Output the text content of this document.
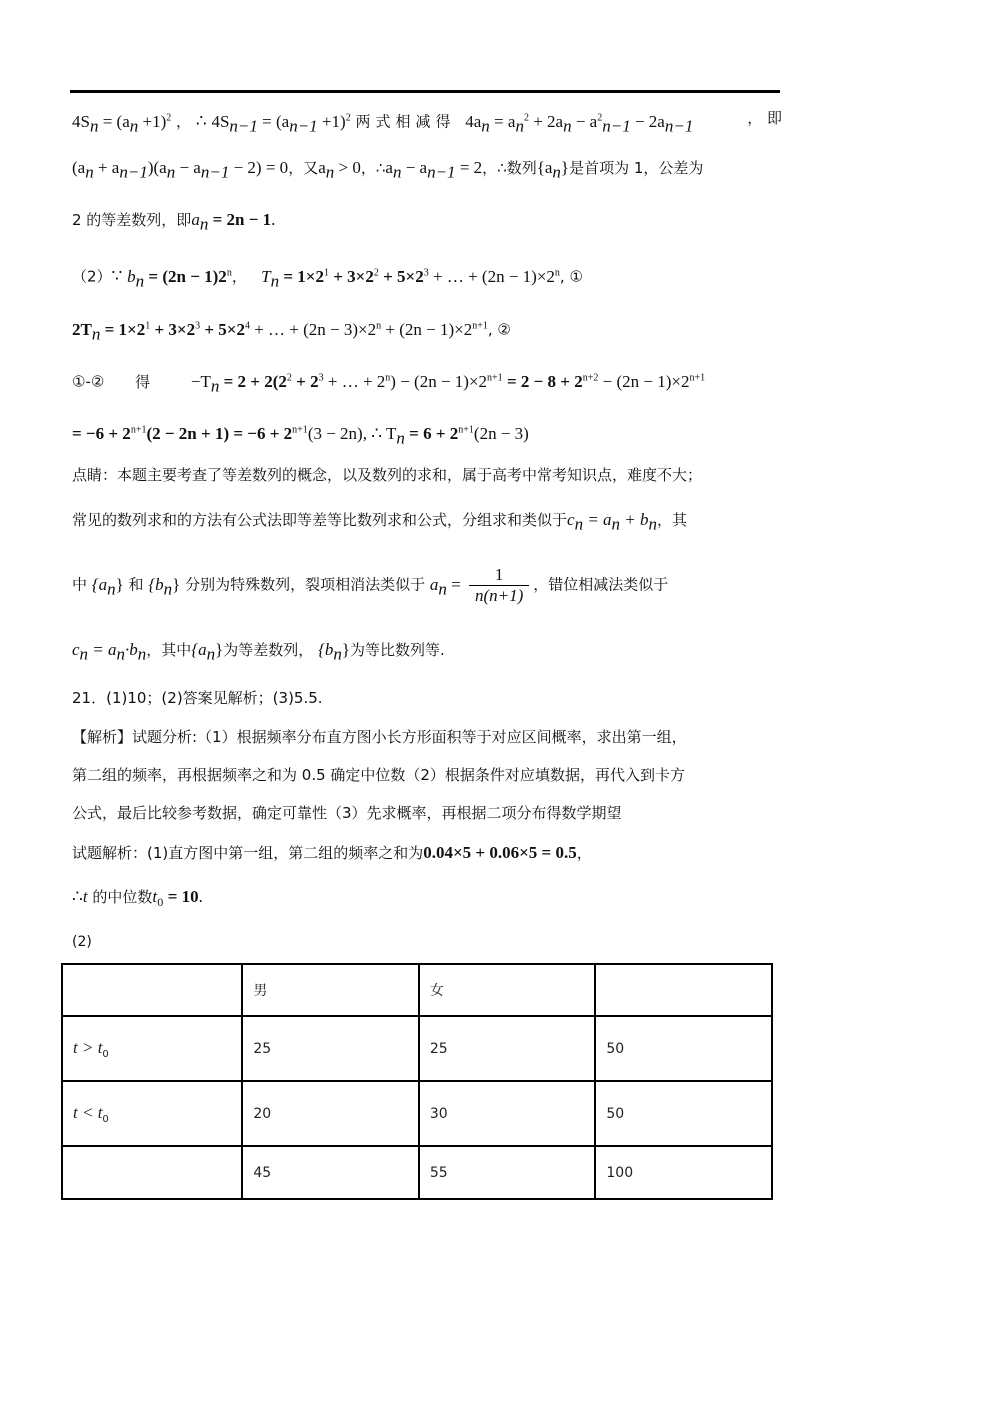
$4S_n = (a_n +1)^2$ ， ∴ $4S_{n-1} = (a_{n-1} +1)^2$ 两式相减得 $4a_n = a_n^2 + 2a_n - a^2_{n-1} - 2a_{n-1}$	， 即
$(a_n + a_{n-1})(a_n - a_{n-1} - 2) = 0$，又$a_n > 0$，$\therefore a_n - a_{n-1} = 2$，∴数列$\{a_n\}$是首项为 1，公差为
2 的等差数列，即$a_n = 2n - 1$.
（2）∵ $b_n = (2n - 1)2^n$， $T_n = 1\times 2^1 + 3\times 2^2 + 5\times 2^3$ + … + $(2n - 1)\times 2^n$, ①
$2T_n = 1\times 2^1 + 3\times 2^3 + 5\times 2^4$ + … + $(2n - 3)\times 2^n + (2n - 1)\times 2^{n+1}$, ②
①-② 得 $-T_n = 2 + 2(2^2 + 2^3$ + … + $2^n) - (2n - 1)\times 2^{n+1} = 2 - 8 + 2^{n+2} - (2n - 1)\times 2^{n+1}$
= $-6 + 2^{n+1}(2 - 2n + 1) = -6 + 2^{n+1}(3 - 2n)$, ∴ $T_n = 6 + 2^{n+1}(2n - 3)$
点睛：本题主要考查了等差数列的概念，以及数列的求和，属于高考中常考知识点，难度不大；
常见的数列求和的方法有公式法即等差等比数列求和公式，分组求和类似于$c_n = a_n + b_n$，其
中 $\{a_n\}$ 和 $\{b_n\}$ 分别为特殊数列，裂项相消法类似于 $a_n = \frac{1}{n(n+1)}$ ，错位相减法类似于
$c_n = a_n\cdot b_n$，其中$\{a_n\}$为等差数列， $\{b_n\}$为等比数列等.
21．(1)10；(2)答案见解析；(3)5.5.
【解析】试题分析:（1）根据频率分布直方图小长方形面积等于对应区间概率，求出第一组，
第二组的频率，再根据频率之和为 0.5 确定中位数（2）根据条件对应填数据，再代入到卡方
公式，最后比较参考数据，确定可靠性（3）先求概率，再根据二项分布得数学期望
试题解析：(1)直方图中第一组，第二组的频率之和为0.04×5 + 0.06×5 = 0.5，
∴t 的中位数$t_0 = 10$.
(2)
	男	女	
$t > t_0$	25	25	50
$t < t_0$	20	30	50
	45	55	100
